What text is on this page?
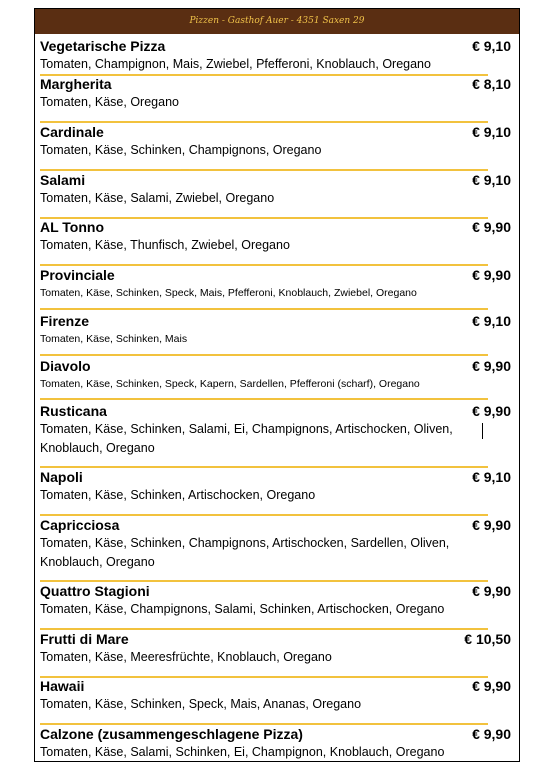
Pizzen - Gasthof Auer - 4351 Saxen 29
Vegetarische Pizza	€ 9,10
Tomaten, Champignon, Mais, Zwiebel, Pfefferoni, Knoblauch, Oregano
Margherita	€ 8,10
Tomaten, Käse, Oregano
Cardinale	€ 9,10
Tomaten, Käse, Schinken, Champignons, Oregano
Salami	€ 9,10
Tomaten, Käse, Salami, Zwiebel, Oregano
AL Tonno	€ 9,90
Tomaten, Käse, Thunfisch, Zwiebel, Oregano
Provinciale	€ 9,90
Tomaten, Käse, Schinken, Speck, Mais, Pfefferoni, Knoblauch, Zwiebel, Oregano
Firenze	€ 9,10
Tomaten, Käse, Schinken, Mais
Diavolo	€ 9,90
Tomaten, Käse, Schinken, Speck, Kapern, Sardellen, Pfefferoni (scharf), Oregano
Rusticana	€ 9,90
Tomaten, Käse, Schinken, Salami, Ei, Champignons, Artischocken, Oliven, Knoblauch, Oregano
Napoli	€ 9,10
Tomaten, Käse, Schinken, Artischocken, Oregano
Capricciosa	€ 9,90
Tomaten, Käse, Schinken, Champignons, Artischocken, Sardellen, Oliven, Knoblauch, Oregano
Quattro Stagioni	€ 9,90
Tomaten, Käse, Champignons, Salami, Schinken, Artischocken, Oregano
Frutti di Mare	€ 10,50
Tomaten, Käse, Meeresfrüchte, Knoblauch, Oregano
Hawaii	€ 9,90
Tomaten, Käse, Schinken, Speck, Mais, Ananas, Oregano
Calzone (zusammengeschlagene Pizza)	€ 9,90
Tomaten, Käse, Salami, Schinken, Ei, Champignon, Knoblauch, Oregano
